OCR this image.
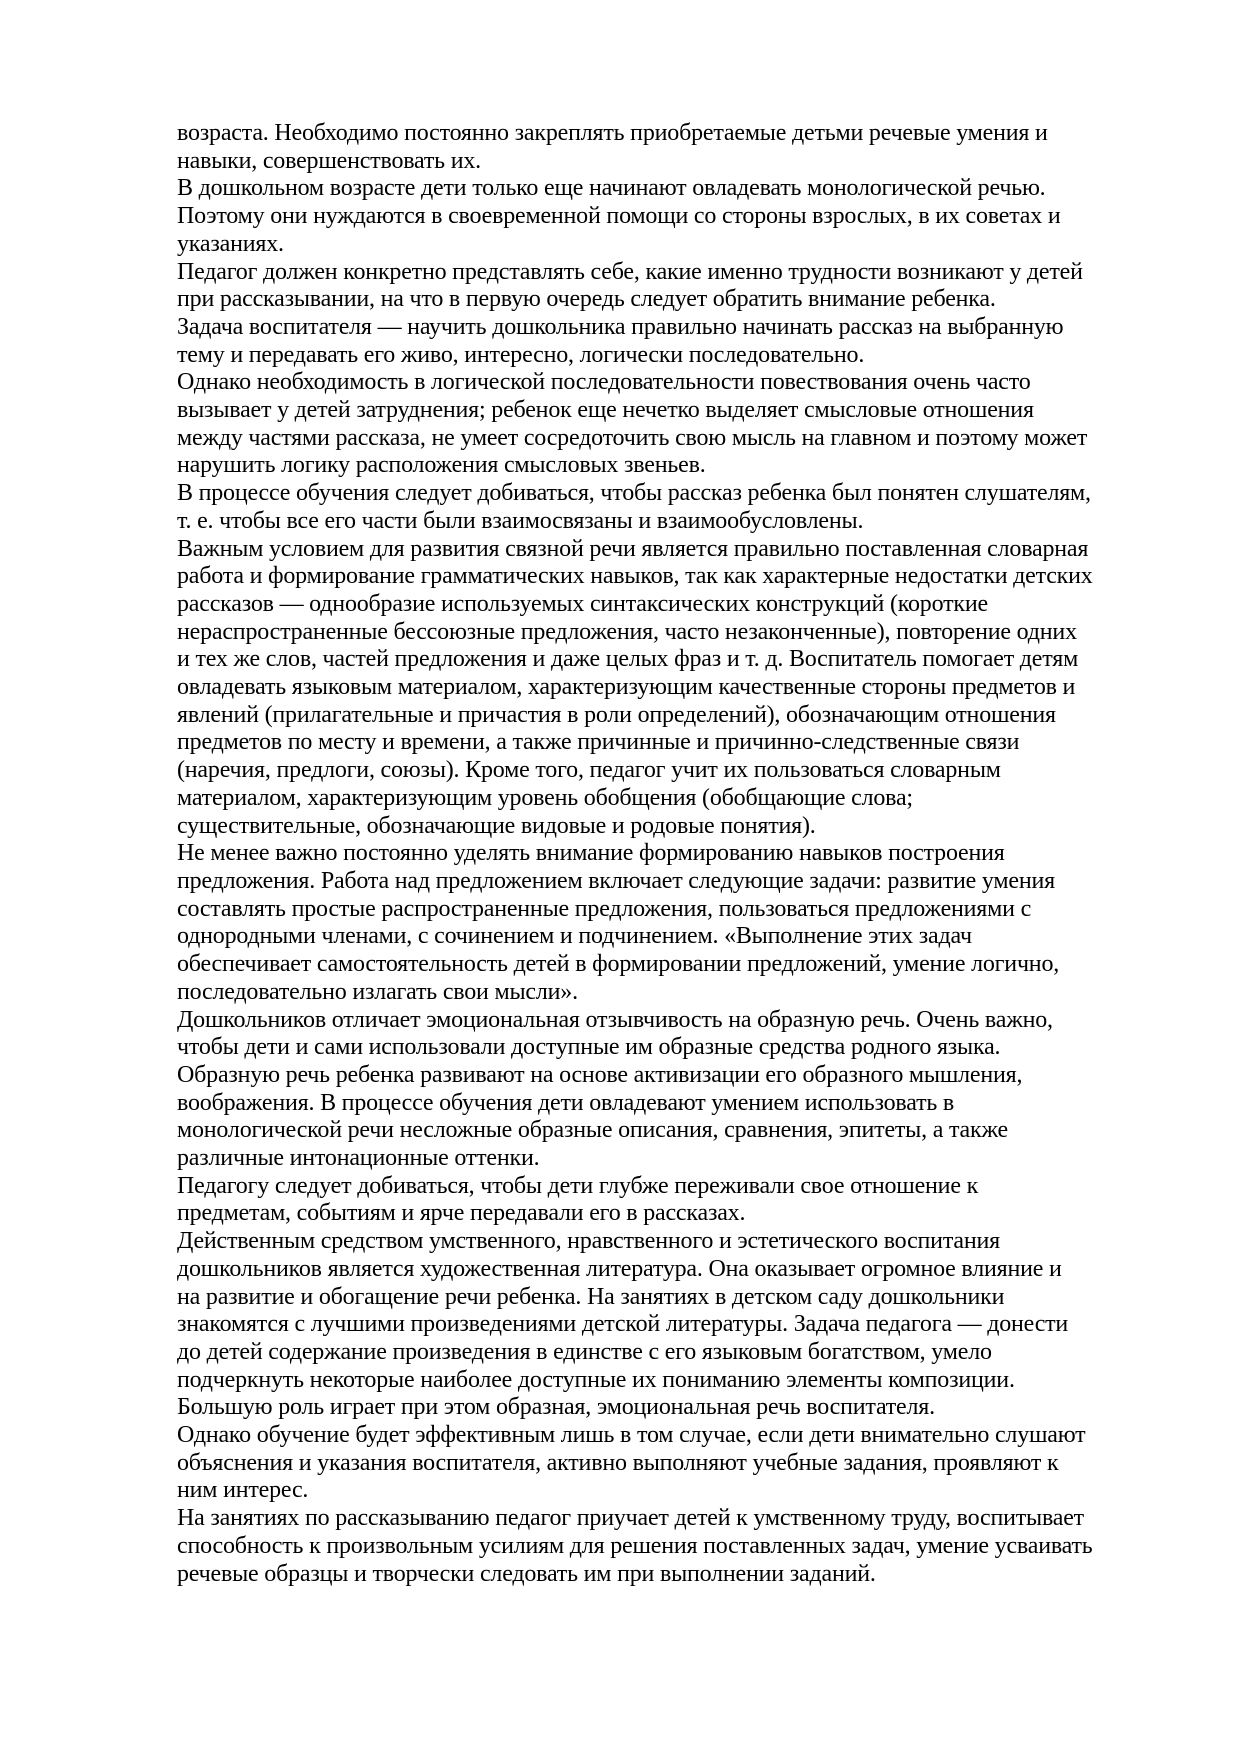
возраста. Необходимо постоянно закреплять приобретаемые детьми речевые умения и
навыки, совершенствовать их.
В дошкольном возрасте дети только еще начинают овладевать монологической речью.
Поэтому они нуждаются в своевременной помощи со стороны взрослых, в их советах и
указаниях.
Педагог должен конкретно представлять себе, какие именно трудности возникают у детей
при рассказывании, на что в первую очередь следует обратить внимание ребенка.
Задача воспитателя — научить дошкольника правильно начинать рассказ на выбранную
тему и передавать его живо, интересно, логически последовательно.
Однако необходимость в логической последовательности повествования очень часто
вызывает у детей затруднения; ребенок еще нечетко выделяет смысловые отношения
между частями рассказа, не умеет сосредоточить свою мысль на главном и поэтому может
нарушить логику расположения смысловых звеньев.
В процессе обучения следует добиваться, чтобы рассказ ребенка был понятен слушателям,
т. е. чтобы все его части были взаимосвязаны и взаимообусловлены.
Важным условием для развития связной речи является правильно поставленная словарная
работа и формирование грамматических навыков, так как характерные недостатки детских
рассказов — однообразие используемых синтаксических конструкций (короткие
нераспространенные бессоюзные предложения, часто незаконченные), повторение одних
и тех же слов, частей предложения и даже целых фраз и т. д. Воспитатель помогает детям
овладевать языковым материалом, характеризующим качественные стороны предметов и
явлений (прилагательные и причастия в роли определений), обозначающим отношения
предметов по месту и времени, а также причинные и причинно-следственные связи
(наречия, предлоги, союзы). Кроме того, педагог учит их пользоваться словарным
материалом, характеризующим уровень обобщения (обобщающие слова;
существительные, обозначающие видовые и родовые понятия).
Не менее важно постоянно уделять внимание формированию навыков построения
предложения. Работа над предложением включает следующие задачи: развитие умения
составлять простые распространенные предложения, пользоваться предложениями с
однородными членами, с сочинением и подчинением. «Выполнение этих задач
обеспечивает самостоятельность детей в формировании предложений, умение логично,
последовательно излагать свои мысли».
Дошкольников отличает эмоциональная отзывчивость на образную речь. Очень важно,
чтобы дети и сами использовали доступные им образные средства родного языка.
Образную речь ребенка развивают на основе активизации его образного мышления,
воображения. В процессе обучения дети овладевают умением использовать в
монологической речи несложные образные описания, сравнения, эпитеты, а также
различные интонационные оттенки.
Педагогу следует добиваться, чтобы дети глубже переживали свое отношение к
предметам, событиям и ярче передавали его в рассказах.
Действенным средством умственного, нравственного и эстетического воспитания
дошкольников является художественная литература. Она оказывает огромное влияние и
на развитие и обогащение речи ребенка. На занятиях в детском саду дошкольники
знакомятся с лучшими произведениями детской литературы. Задача педагога — донести
до детей содержание произведения в единстве с его языковым богатством, умело
подчеркнуть некоторые наиболее доступные их пониманию элементы композиции.
Большую роль играет при этом образная, эмоциональная речь воспитателя.
Однако обучение будет эффективным лишь в том случае, если дети внимательно слушают
объяснения и указания воспитателя, активно выполняют учебные задания, проявляют к
ним интерес.
На занятиях по рассказыванию педагог приучает детей к умственному труду, воспитывает
способность к произвольным усилиям для решения поставленных задач, умение усваивать
речевые образцы и творчески следовать им при выполнении заданий.
